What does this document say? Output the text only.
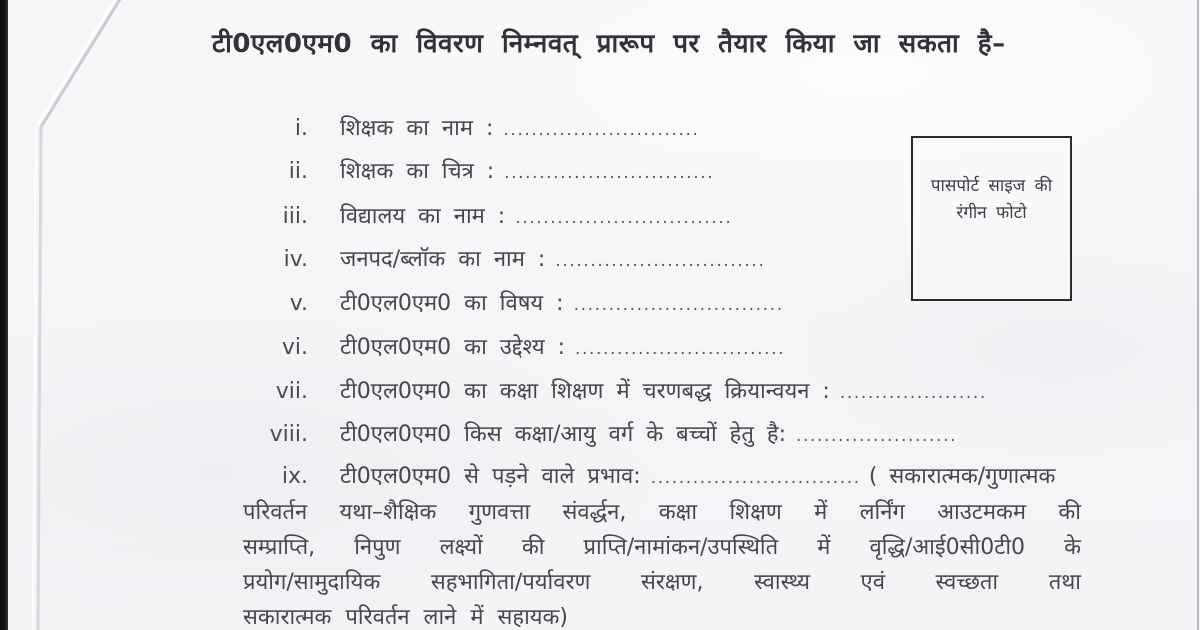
टी0एल0एम0 का विवरण निम्नवत् प्रारूप पर तैयार किया जा सकता है–
i. शिक्षक का नाम : ............................
ii. शिक्षक का चित्र : ..............................
iii. विद्यालय का नाम : ...............................
iv. जनपद/ब्लॉक का नाम : ..............................
v. टी0एल0एम0 का विषय : ..............................
vi. टी0एल0एम0 का उद्देश्य : ..............................
vii. टी0एल0एम0 का कक्षा शिक्षण में चरणबद्ध क्रियान्वयन : .....................
viii. टी0एल0एम0 किस कक्षा/आयु वर्ग के बच्चों हेतु है: .......................
ix. टी0एल0एम0 से पड़ने वाले प्रभाव: .............................. ( सकारात्मक/गुणात्मक
परिवर्तन यथा–शैक्षिक गुणवत्ता संवर्द्धन, कक्षा शिक्षण में लर्निंग आउटमकम की
सम्प्राप्ति, निपुण लक्ष्यों की प्राप्ति/नामांकन/उपस्थिति में वृद्धि/आई0सी0टी0 के
प्रयोग/सामुदायिक सहभागिता/पर्यावरण संरक्षण, स्वास्थ्य एवं स्वच्छता तथा
सकारात्मक परिवर्तन लाने में सहायक)
पासपोर्ट साइज की
रंगीन फोटो
